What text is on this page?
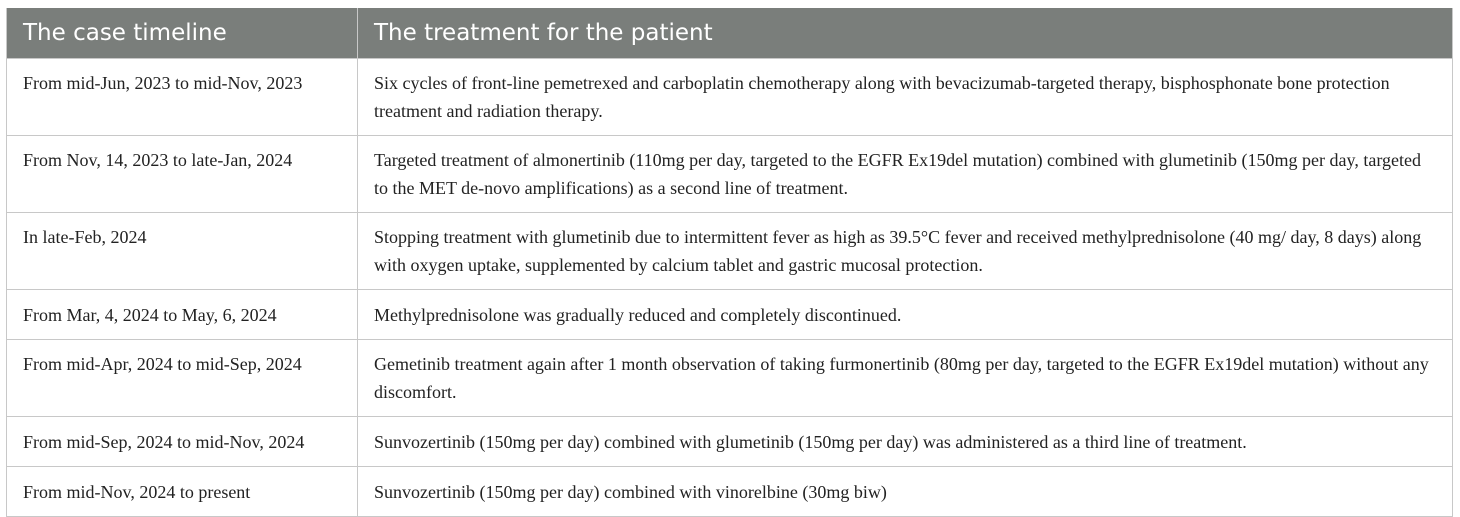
The case timeline	The treatment for the patient
From mid-Jun, 2023 to mid-Nov, 2023	Six cycles of front-line pemetrexed and carboplatin chemotherapy along with bevacizumab-targeted therapy, bisphosphonate bone protection treatment and radiation therapy.
From Nov, 14, 2023 to late-Jan, 2024	Targeted treatment of almonertinib (110mg per day, targeted to the EGFR Ex19del mutation) combined with glumetinib (150mg per day, targeted to the MET de-novo amplifications) as a second line of treatment.
In late-Feb, 2024	Stopping treatment with glumetinib due to intermittent fever as high as 39.5°C fever and received methylprednisolone (40 mg/ day, 8 days) along with oxygen uptake, supplemented by calcium tablet and gastric mucosal protection.
From Mar, 4, 2024 to May, 6, 2024	Methylprednisolone was gradually reduced and completely discontinued.
From mid-Apr, 2024 to mid-Sep, 2024	Gemetinib treatment again after 1 month observation of taking furmonertinib (80mg per day, targeted to the EGFR Ex19del mutation) without any discomfort.
From mid-Sep, 2024 to mid-Nov, 2024	Sunvozertinib (150mg per day) combined with glumetinib (150mg per day) was administered as a third line of treatment.
From mid-Nov, 2024 to present	Sunvozertinib (150mg per day) combined with vinorelbine (30mg biw)
